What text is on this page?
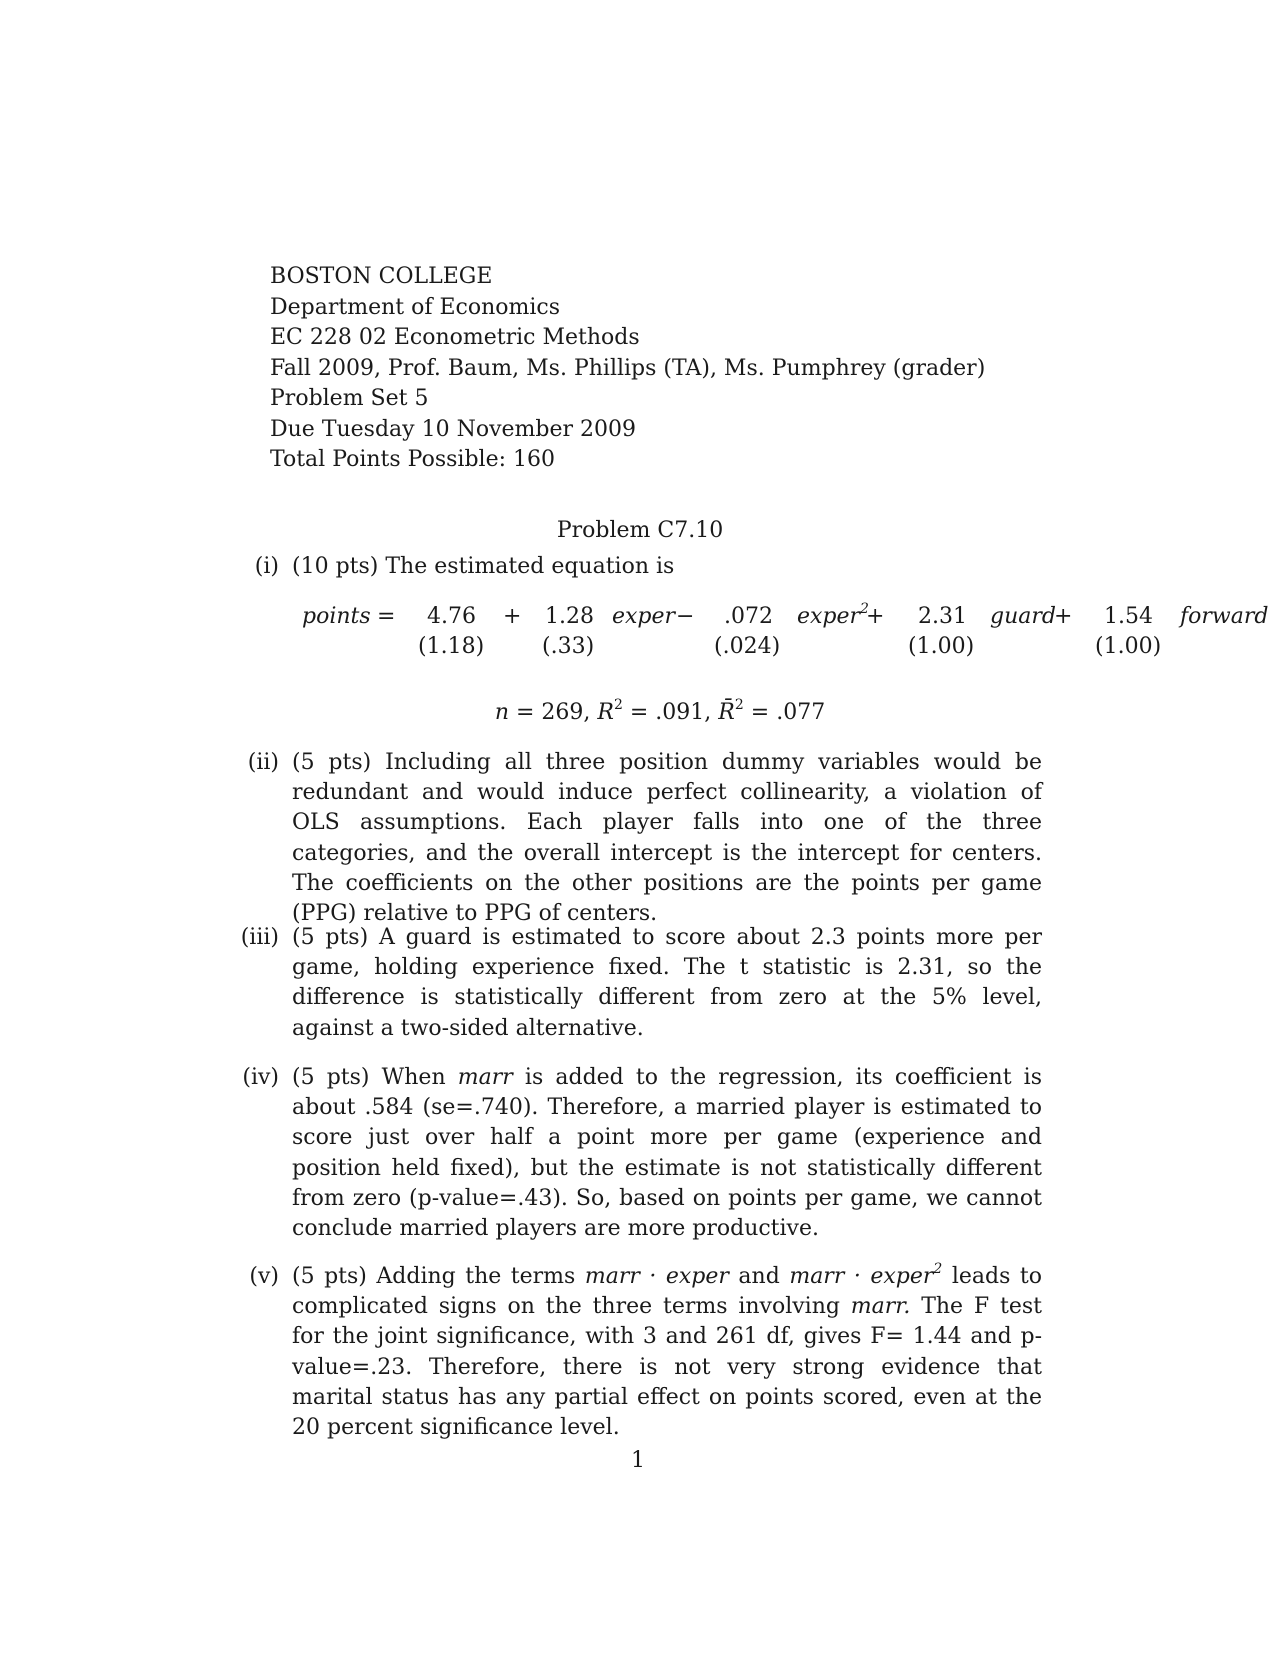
BOSTON COLLEGE
Department of Economics
EC 228 02 Econometric Methods
Fall 2009, Prof. Baum, Ms. Phillips (TA), Ms. Pumphrey (grader)
Problem Set 5
Due Tuesday 10 November 2009
Total Points Possible: 160
Problem C7.10
(i) (10 pts) The estimated equation is
points = 4.76
(1.18)
+ 1.28
(.33)
exper − .072
(.024)
exper$^2$
+ 2.31
(1.00)
guard
+ 1.54
(1.00)
forward
n = 269, $R^2 = .091$, R̄$^2$ = .077
(ii) (5 pts) Including all three position dummy variables would be redundant and would induce perfect collinearity, a violation of OLS assumptions. Each player falls into one of the three categories, and the overall intercept is the intercept for centers. The coefficients on the other positions are the points per game (PPG) relative to PPG of centers.
(iii) (5 pts) A guard is estimated to score about 2.3 points more per game, holding experience fixed. The t statistic is 2.31, so the difference is statistically different from zero at the 5% level, against a two-sided alternative.
(iv) (5 pts) When marr is added to the regression, its coefficient is about .584 (se=.740). Therefore, a married player is estimated to score just over half a point more per game (experience and position held fixed), but the estimate is not statistically different from zero (p-value=.43). So, based on points per game, we cannot conclude married players are more productive.
(v) (5 pts) Adding the terms marr · exper and marr · exper$^2$ leads to complicated signs on the three terms involving marr. The F test for the joint significance, with 3 and 261 df, gives F= 1.44 and p-value=.23. Therefore, there is not very strong evidence that marital status has any partial effect on points scored, even at the 20 percent significance level.
1
